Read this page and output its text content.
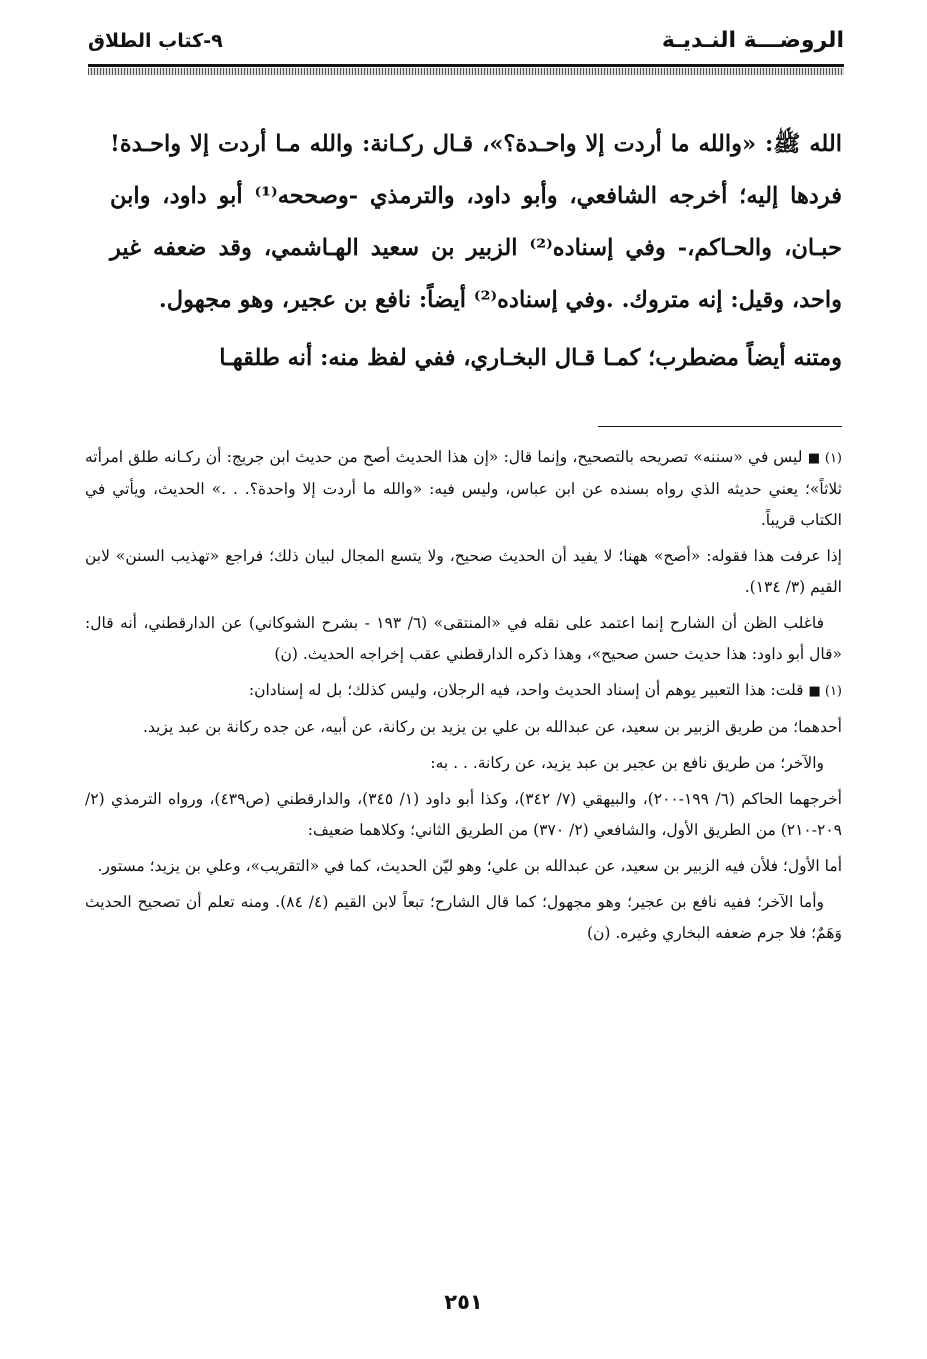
الروضـــة النـديـة
٩-كتاب الطلاق

الله ﷺ: «والله ما أردت إلا واحـدة؟»، قـال ركـانة: والله مـا أردت إلا واحـدة! فردها إليه؛ أخرجه الشافعي، وأبو داود، والترمذي -وصححه⁽¹⁾ أبو داود، وابن حبـان، والحـاكم،- وفي إسناده⁽²⁾ الزبير بن سعيد الهـاشمي، وقد ضعفه غير واحد، وقيل: إنه متروك. .وفي إسناده⁽²⁾ أيضاً: نافع بن عجير، وهو مجهول.

ومتنه أيضاً مضطرب؛ كمـا قـال البخـاري، ففي لفظ منه: أنه طلقهـا

(١) ■ ليس في «سننه» تصريحه بالتصحيح، وإنما قال: «إن هذا الحديث أصح من حديث ابن جريج: أن ركـانه طلق امرأته ثلاثاً»؛ يعني حديثه الذي رواه بسنده عن ابن عباس، وليس فيه: «والله ما أردت إلا واحدة؟. . .» الحديث، ويأتي في الكتاب قريباً.

إذا عرفت هذا فقوله: «أصح» ههنا؛ لا يفيد أن الحديث صحيح، ولا يتسع المجال لبيان ذلك؛ فراجع «تهذيب السنن» لابن القيم (٣/ ١٣٤).

فاغلب الظن أن الشارح إنما اعتمد على نقله في «المنتقى» (٦/ ١٩٣ - بشرح الشوكاني) عن الدارقطني، أنه قال: «قال أبو داود: هذا حديث حسن صحيح»، وهذا ذكره الدارقطني عقب إخراجه الحديث. (ن)

(١) ■ قلت: هذا التعبير يوهم أن إسناد الحديث واحد، فيه الرجلان، وليس كذلك؛ بل له إسنادان:

أحدهما؛ من طريق الزبير بن سعيد، عن عبدالله بن علي بن يزيد بن ركانة، عن أبيه، عن جده ركانة بن عبد يزيد.

والآخر؛ من طريق نافع بن عجير بن عبد يزيد، عن ركانة. . . به:

أخرجهما الحاكم (٦/ ١٩٩-٢٠٠)، والبيهقي (٧/ ٣٤٢)، وكذا أبو داود (١/ ٣٤٥)، والدارقطني (ص٤٣٩)، ورواه الترمذي (٢/ ٢٠٩-٢١٠) من الطريق الأول، والشافعي (٢/ ٣٧٠) من الطريق الثاني؛ وكلاهما ضعيف:

أما الأول؛ فلأن فيه الزبير بن سعيد، عن عبدالله بن علي؛ وهو ليّن الحديث، كما في «التقريب»، وعلي بن يزيد؛ مستور.

وأما الآخر؛ ففيه نافع بن عجير؛ وهو مجهول؛ كما قال الشارح؛ تبعاً لابن القيم (٤/ ٨٤). ومنه تعلم أن تصحيح الحديث وَهَمٌ؛ فلا جرم ضعفه البخاري وغيره. (ن)

٢٥١
